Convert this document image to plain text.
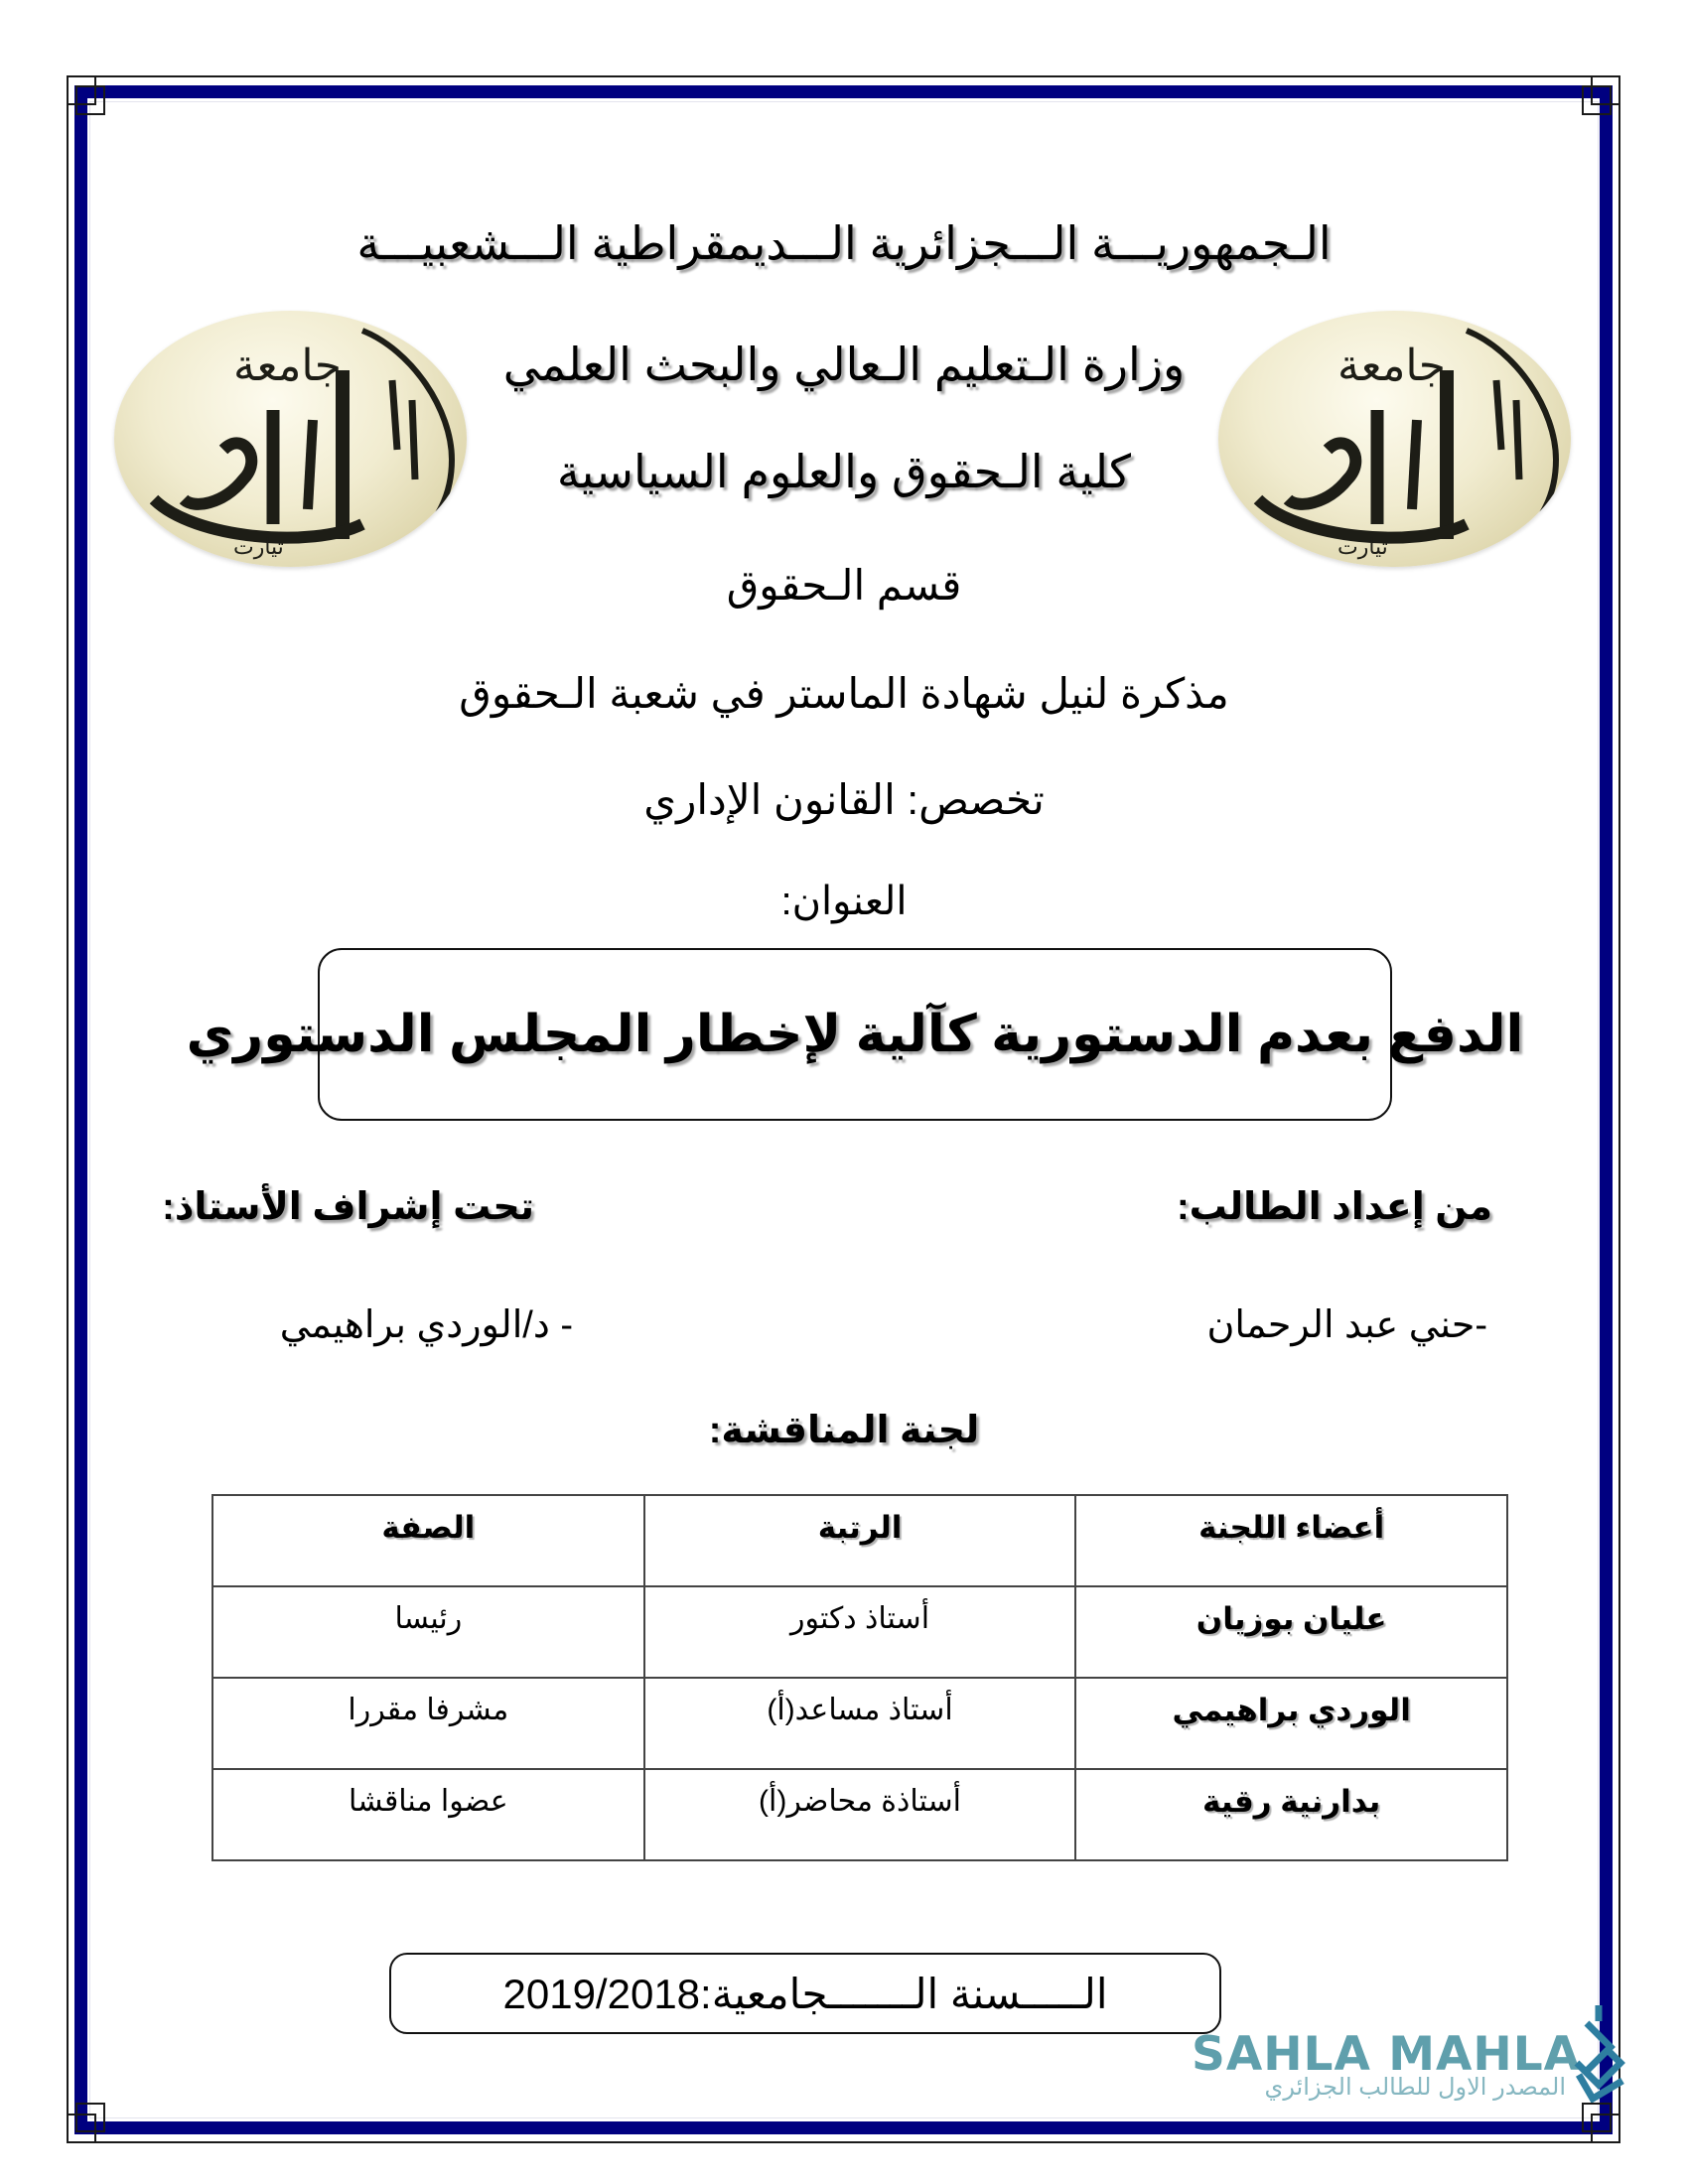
جامعة
تيارت
جامعة
تيارت
الـجمهوريـــة الـــجزائرية الـــديمقراطية الـــشعبيـــة
وزارة الـتعليم الـعالي والبحث العلمي
كلية الـحقوق والعلوم السياسية
قسم الـحقوق
مذكرة لنيل شهادة الماستر في شعبة الـحقوق
تخصص: القانون الإداري
العنوان:
الدفع بعدم الدستورية كآلية لإخطار المجلس الدستوري
من إعداد الطالب:
تحت إشراف الأستاذ:
-حني عبد الرحمان
- د/الوردي براهيمي
لجنة المناقشة:
أعضاء اللجنة	الرتبة	الصفة
عليان بوزيان	أستاذ دكتور	رئيسا
الوردي براهيمي	أستاذ مساعد(أ)	مشرفا مقررا
بدارنية رقية	أستاذة محاضر(أ)	عضوا مناقشا
الـــــسنة الـــــــجامعية:2019/2018
SAHLA MAHLA
المصدر الاول للطالب الجزائري
